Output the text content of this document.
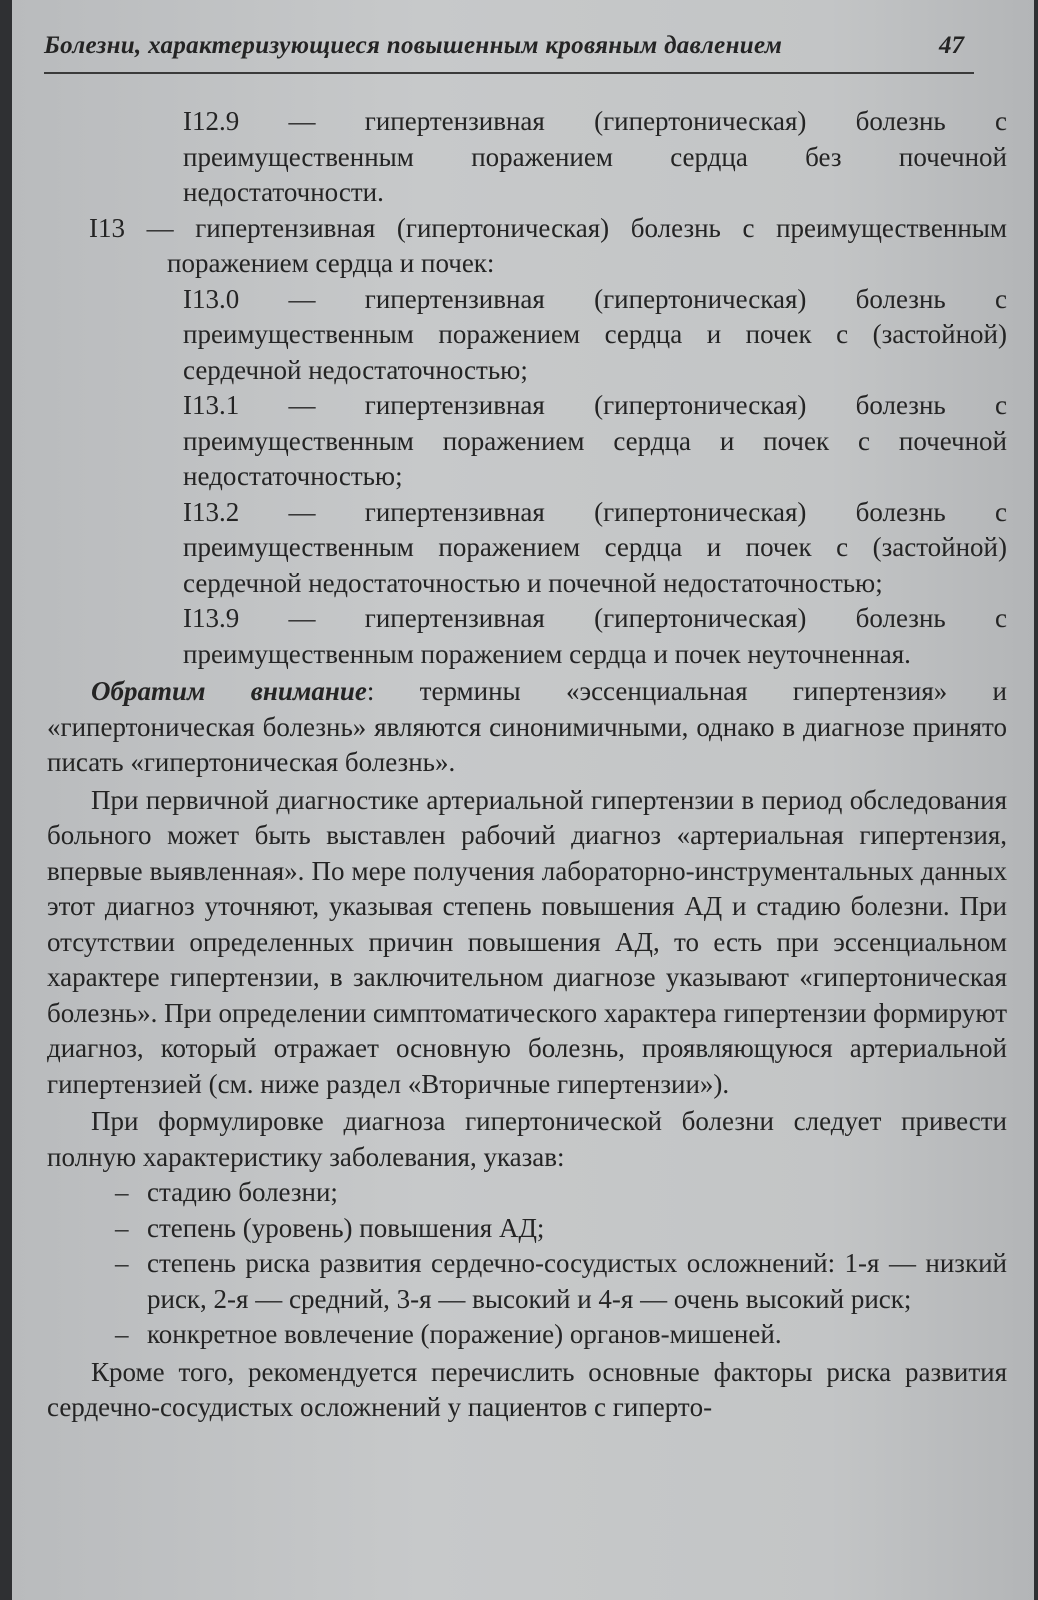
Болезни, характеризующиеся повышенным кровяным давлением	47

I12.9 — гипертензивная (гипертоническая) болезнь с преимущественным поражением сердца без почечной недостаточности.

I13 — гипертензивная (гипертоническая) болезнь с преимущественным поражением сердца и почек:

I13.0 — гипертензивная (гипертоническая) болезнь с преимущественным поражением сердца и почек с (застойной) сердечной недостаточностью;

I13.1 — гипертензивная (гипертоническая) болезнь с преимущественным поражением сердца и почек с почечной недостаточностью;

I13.2 — гипертензивная (гипертоническая) болезнь с преимущественным поражением сердца и почек с (застойной) сердечной недостаточностью и почечной недостаточностью;

I13.9 — гипертензивная (гипертоническая) болезнь с преимущественным поражением сердца и почек неуточненная.

Обратим внимание: термины «эссенциальная гипертензия» и «гипертоническая болезнь» являются синонимичными, однако в диагнозе принято писать «гипертоническая болезнь».

При первичной диагностике артериальной гипертензии в период обследования больного может быть выставлен рабочий диагноз «артериальная гипертензия, впервые выявленная». По мере получения лабораторно-инструментальных данных этот диагноз уточняют, указывая степень повышения АД и стадию болезни. При отсутствии определенных причин повышения АД, то есть при эссенциальном характере гипертензии, в заключительном диагнозе указывают «гипертоническая болезнь». При определении симптоматического характера гипертензии формируют диагноз, который отражает основную болезнь, проявляющуюся артериальной гипертензией (см. ниже раздел «Вторичные гипертензии»).

При формулировке диагноза гипертонической болезни следует привести полную характеристику заболевания, указав:

– стадию болезни;
– степень (уровень) повышения АД;
– степень риска развития сердечно-сосудистых осложнений: 1-я — низкий риск, 2-я — средний, 3-я — высокий и 4-я — очень высокий риск;
– конкретное вовлечение (поражение) органов-мишеней.

Кроме того, рекомендуется перечислить основные факторы риска развития сердечно-сосудистых осложнений у пациентов с гипертo-
